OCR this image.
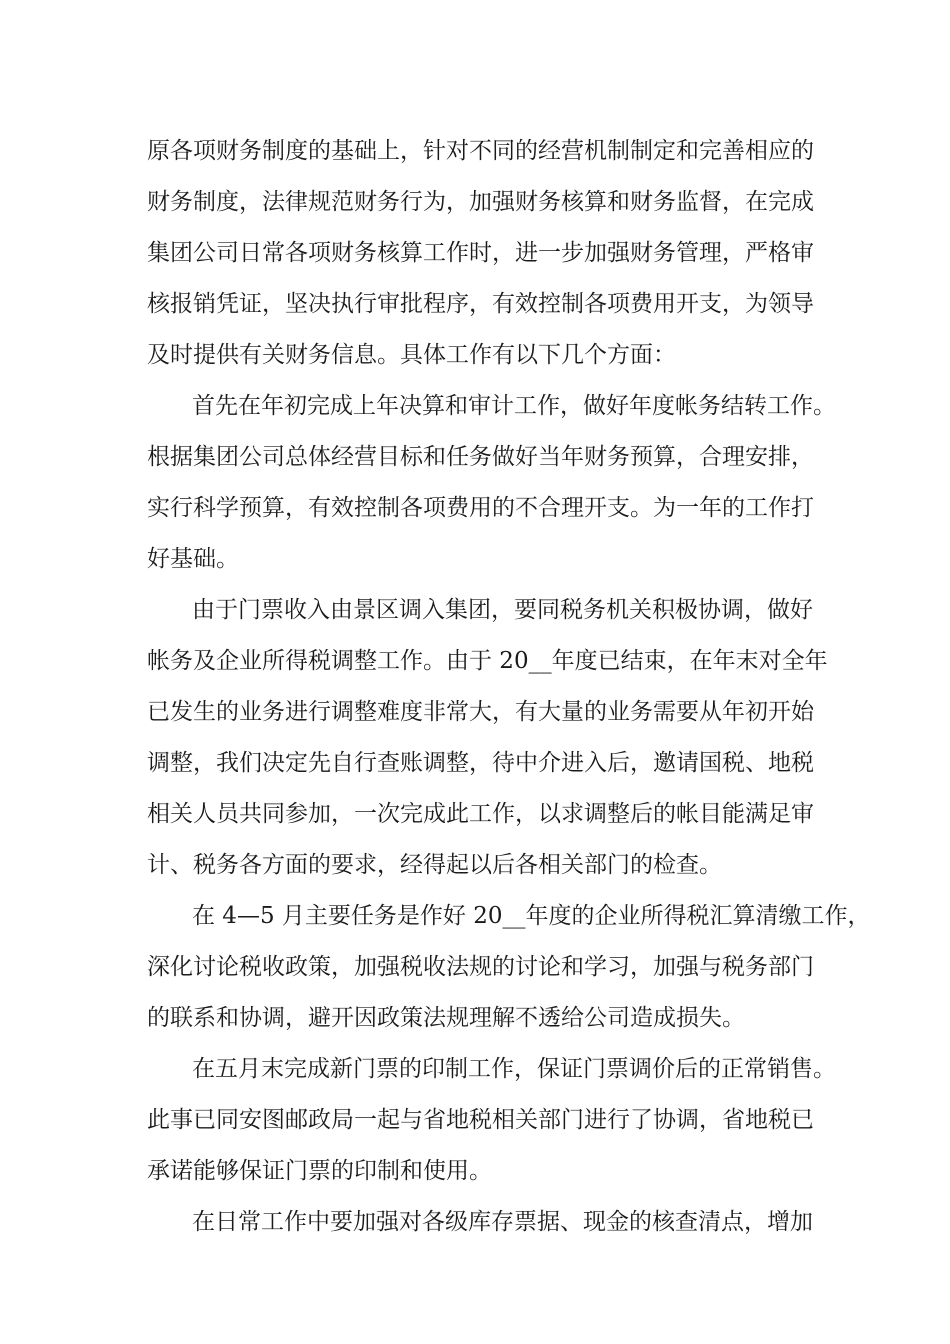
原各项财务制度的基础上，针对不同的经营机制制定和完善相应的
财务制度，法律规范财务行为，加强财务核算和财务监督，在完成
集团公司日常各项财务核算工作时，进一步加强财务管理，严格审
核报销凭证，坚决执行审批程序，有效控制各项费用开支，为领导
及时提供有关财务信息。具体工作有以下几个方面：
首先在年初完成上年决算和审计工作，做好年度帐务结转工作。
根据集团公司总体经营目标和任务做好当年财务预算，合理安排，
实行科学预算，有效控制各项费用的不合理开支。为一年的工作打
好基础。
由于门票收入由景区调入集团，要同税务机关积极协调，做好
帐务及企业所得税调整工作。由于 20__年度已结束，在年末对全年
已发生的业务进行调整难度非常大，有大量的业务需要从年初开始
调整，我们决定先自行查账调整，待中介进入后，邀请国税、地税
相关人员共同参加，一次完成此工作，以求调整后的帐目能满足审
计、税务各方面的要求，经得起以后各相关部门的检查。
在 4—5 月主要任务是作好 20__年度的企业所得税汇算清缴工作，
深化讨论税收政策，加强税收法规的讨论和学习，加强与税务部门
的联系和协调，避开因政策法规理解不透给公司造成损失。
在五月末完成新门票的印制工作，保证门票调价后的正常销售。
此事已同安图邮政局一起与省地税相关部门进行了协调，省地税已
承诺能够保证门票的印制和使用。
在日常工作中要加强对各级库存票据、现金的核查清点，增加
